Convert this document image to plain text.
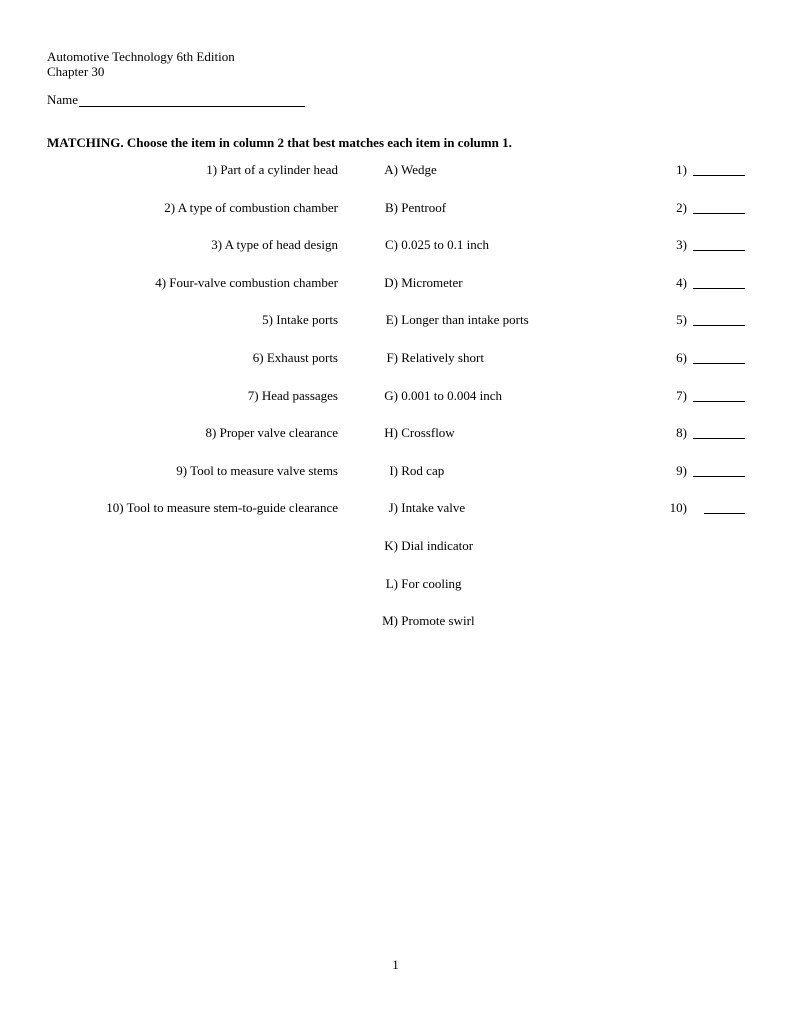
Automotive Technology 6th Edition
Chapter 30
Name
MATCHING. Choose the item in column 2 that best matches each item in column 1.
1) Part of a cylinder head	A) Wedge	1)
2) A type of combustion chamber	B) Pentroof	2)
3) A type of head design	C) 0.025 to 0.1 inch	3)
4) Four-valve combustion chamber	D) Micrometer	4)
5) Intake ports	E) Longer than intake ports	5)
6) Exhaust ports	F) Relatively short	6)
7) Head passages	G) 0.001 to 0.004 inch	7)
8) Proper valve clearance	H) Crossflow	8)
9) Tool to measure valve stems	I) Rod cap	9)
10) Tool to measure stem-to-guide clearance	J) Intake valve	10)
K) Dial indicator
L) For cooling
M) Promote swirl
1
